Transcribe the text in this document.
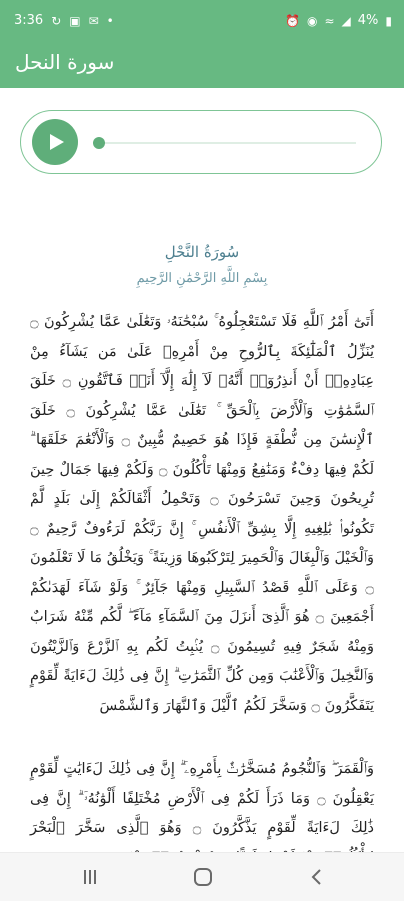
3:36 ↻ ▣ ✉ •	⏰ ◉ ≈ ◢ 4% ▮
سورة النحل
سُورَةُ النَّحْلِ
بِسْمِ اللَّهِ الرَّحْمَٰنِ الرَّحِيمِ
أَتَىٰٓ أَمْرُ ٱللَّهِ فَلَا تَسْتَعْجِلُوهُ ۚ سُبْحَٰنَهُۥ وَتَعَٰلَىٰ عَمَّا يُشْرِكُونَ ۝ يُنَزِّلُ ٱلْمَلَٰٓئِكَةَ بِٱلرُّوحِ مِنْ أَمْرِهِۦ عَلَىٰ مَن يَشَآءُ مِنْ عِبَادِهِۦٓ أَنْ أَنذِرُوٓا۟ أَنَّهُۥ لَآ إِلَٰهَ إِلَّآ أَنَا۠ فَٱتَّقُونِ ۝ خَلَقَ ٱلسَّمَٰوَٰتِ وَٱلْأَرْضَ بِٱلْحَقِّ ۚ تَعَٰلَىٰ عَمَّا يُشْرِكُونَ ۝ خَلَقَ ٱلْإِنسَٰنَ مِن نُّطْفَةٍ فَإِذَا هُوَ خَصِيمٌ مُّبِينٌ ۝ وَٱلْأَنْعَٰمَ خَلَقَهَا ۗ لَكُمْ فِيهَا دِفْءٌ وَمَنَٰفِعُ وَمِنْهَا تَأْكُلُونَ ۝ وَلَكُمْ فِيهَا جَمَالٌ حِينَ تُرِيحُونَ وَحِينَ تَسْرَحُونَ ۝ وَتَحْمِلُ أَثْقَالَكُمْ إِلَىٰ بَلَدٍ لَّمْ تَكُونُوا۟ بَٰلِغِيهِ إِلَّا بِشِقِّ ٱلْأَنفُسِ ۚ إِنَّ رَبَّكُمْ لَرَءُوفٌ رَّحِيمٌ ۝ وَٱلْخَيْلَ وَٱلْبِغَالَ وَٱلْحَمِيرَ لِتَرْكَبُوهَا وَزِينَةً ۚ وَيَخْلُقُ مَا لَا تَعْلَمُونَ ۝ وَعَلَى ٱللَّهِ قَصْدُ ٱلسَّبِيلِ وَمِنْهَا جَآئِرٌ ۚ وَلَوْ شَآءَ لَهَدَىٰكُمْ أَجْمَعِينَ ۝ هُوَ ٱلَّذِىٓ أَنزَلَ مِنَ ٱلسَّمَآءِ مَآءً ۖ لَّكُم مِّنْهُ شَرَابٌ وَمِنْهُ شَجَرٌ فِيهِ تُسِيمُونَ ۝ يُنۢبِتُ لَكُم بِهِ ٱلزَّرْعَ وَٱلزَّيْتُونَ وَٱلنَّخِيلَ وَٱلْأَعْنَٰبَ وَمِن كُلِّ ٱلثَّمَرَٰتِ ۗ إِنَّ فِى ذَٰلِكَ لَءَايَةً لِّقَوْمٍ يَتَفَكَّرُونَ ۝ وَسَخَّرَ لَكُمُ ٱلَّيْلَ وَٱلنَّهَارَ وَٱلشَّمْسَ
وَٱلْقَمَرَ ۖ وَٱلنُّجُومُ مُسَخَّرَٰتٌۢ بِأَمْرِهِۦٓ ۗ إِنَّ فِى ذَٰلِكَ لَءَايَٰتٍ لِّقَوْمٍ يَعْقِلُونَ ۝ وَمَا ذَرَأَ لَكُمْ فِى ٱلْأَرْضِ مُخْتَلِفًا أَلْوَٰنُهُۥٓ ۗ إِنَّ فِى ذَٰلِكَ لَءَايَةً لِّقَوْمٍ يَذَّكَّرُونَ ۝ وَهُوَ ٱلَّذِى سَخَّرَ ٱلْبَحْرَ
